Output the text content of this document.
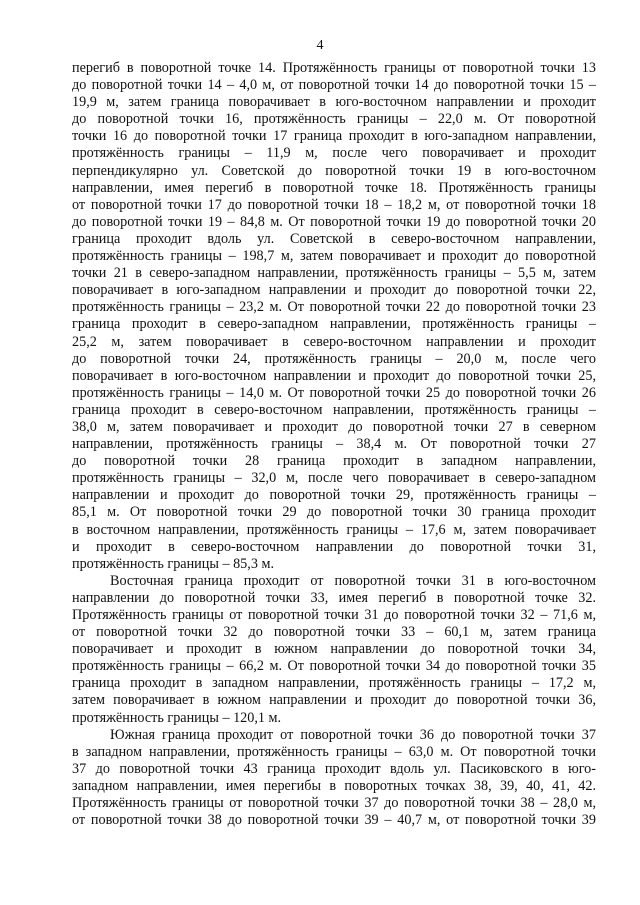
4
перегиб в поворотной точке 14. Протяжённость границы от поворотной точки 13
до поворотной точки 14 – 4,0 м, от поворотной точки 14 до поворотной точки 15 –
19,9 м, затем граница поворачивает в юго-восточном направлении и проходит
до поворотной точки 16, протяжённость границы – 22,0 м. От поворотной
точки 16 до поворотной точки 17 граница проходит в юго-западном направлении,
протяжённость границы – 11,9 м, после чего поворачивает и проходит
перпендикулярно ул. Советской до поворотной точки 19 в юго-восточном
направлении, имея перегиб в поворотной точке 18. Протяжённость границы
от поворотной точки 17 до поворотной точки 18 – 18,2 м, от поворотной точки 18
до поворотной точки 19 – 84,8 м. От поворотной точки 19 до поворотной точки 20
граница проходит вдоль ул. Советской в северо-восточном направлении,
протяжённость границы – 198,7 м, затем поворачивает и проходит до поворотной
точки 21 в северо-западном направлении, протяжённость границы – 5,5 м, затем
поворачивает в юго-западном направлении и проходит до поворотной точки 22,
протяжённость границы – 23,2 м. От поворотной точки 22 до поворотной точки 23
граница проходит в северо-западном направлении, протяжённость границы –
25,2 м, затем поворачивает в северо-восточном направлении и проходит
до поворотной точки 24, протяжённость границы – 20,0 м, после чего
поворачивает в юго-восточном направлении и проходит до поворотной точки 25,
протяжённость границы – 14,0 м. От поворотной точки 25 до поворотной точки 26
граница проходит в северо-восточном направлении, протяжённость границы –
38,0 м, затем поворачивает и проходит до поворотной точки 27 в северном
направлении, протяжённость границы – 38,4 м. От поворотной точки 27
до поворотной точки 28 граница проходит в западном направлении,
протяжённость границы – 32,0 м, после чего поворачивает в северо-западном
направлении и проходит до поворотной точки 29, протяжённость границы –
85,1 м. От поворотной точки 29 до поворотной точки 30 граница проходит
в восточном направлении, протяжённость границы – 17,6 м, затем поворачивает
и проходит в северо-восточном направлении до поворотной точки 31,
протяжённость границы – 85,3 м.
Восточная граница проходит от поворотной точки 31 в юго-восточном
направлении до поворотной точки 33, имея перегиб в поворотной точке 32.
Протяжённость границы от поворотной точки 31 до поворотной точки 32 – 71,6 м,
от поворотной точки 32 до поворотной точки 33 – 60,1 м, затем граница
поворачивает и проходит в южном направлении до поворотной точки 34,
протяжённость границы – 66,2 м. От поворотной точки 34 до поворотной точки 35
граница проходит в западном направлении, протяжённость границы – 17,2 м,
затем поворачивает в южном направлении и проходит до поворотной точки 36,
протяжённость границы – 120,1 м.
Южная граница проходит от поворотной точки 36 до поворотной точки 37
в западном направлении, протяжённость границы – 63,0 м. От поворотной точки
37 до поворотной точки 43 граница проходит вдоль ул. Пасиковского в юго-
западном направлении, имея перегибы в поворотных точках 38, 39, 40, 41, 42.
Протяжённость границы от поворотной точки 37 до поворотной точки 38 – 28,0 м,
от поворотной точки 38 до поворотной точки 39 – 40,7 м, от поворотной точки 39
